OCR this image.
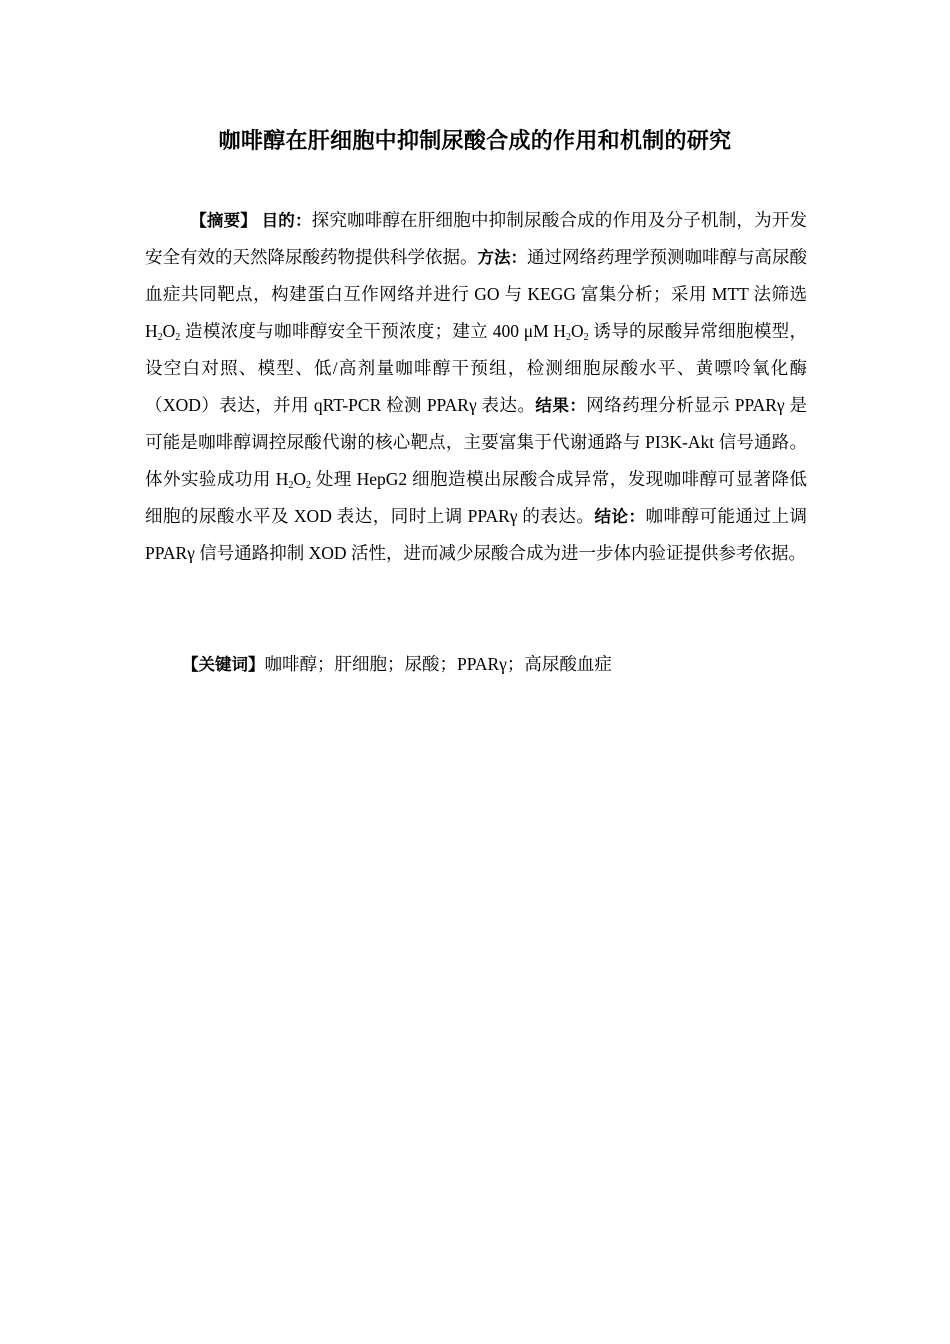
咖啡醇在肝细胞中抑制尿酸合成的作用和机制的研究
【摘要】 目的：探究咖啡醇在肝细胞中抑制尿酸合成的作用及分子机制，为开发安全有效的天然降尿酸药物提供科学依据。方法：通过网络药理学预测咖啡醇与高尿酸血症共同靶点，构建蛋白互作网络并进行 GO 与 KEGG 富集分析；采用 MTT 法筛选 $H_2O_2$ 造模浓度与咖啡醇安全干预浓度；建立 400 μM $H_2O_2$ 诱导的尿酸异常细胞模型，设空白对照、模型、低/高剂量咖啡醇干预组，检测细胞尿酸水平、黄嘌呤氧化酶（XOD）表达，并用 qRT-PCR 检测 PPARγ 表达。结果：网络药理分析显示 PPARγ 是可能是咖啡醇调控尿酸代谢的核心靶点，主要富集于代谢通路与 PI3K-Akt 信号通路。体外实验成功用 $H_2O_2$ 处理 HepG2 细胞造模出尿酸合成异常，发现咖啡醇可显著降低细胞的尿酸水平及 XOD 表达，同时上调 PPARγ 的表达。结论：咖啡醇可能通过上调 PPARγ 信号通路抑制 XOD 活性，进而减少尿酸合成为进一步体内验证提供参考依据。
【关键词】咖啡醇；肝细胞；尿酸；PPARγ；高尿酸血症
